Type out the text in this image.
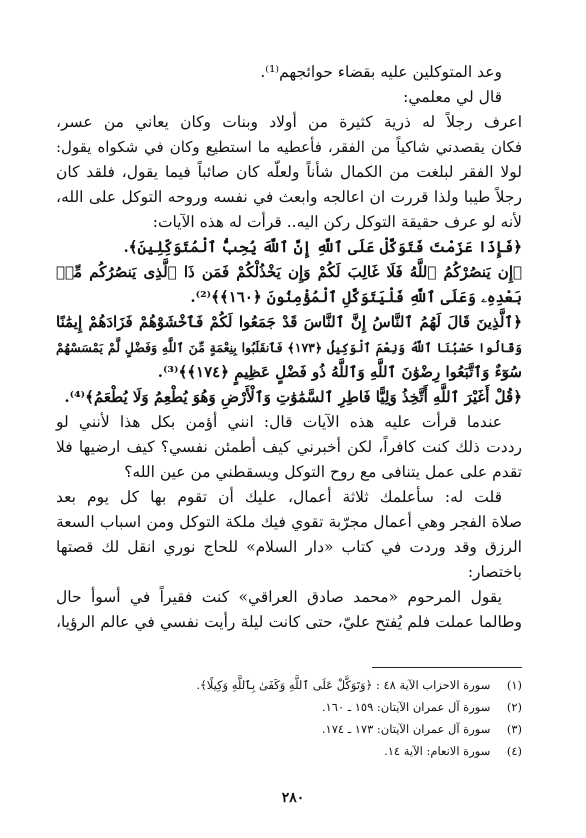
وعد المتوكلين عليه بقضاء حوائجهم⁽¹⁾.
قال لي معلمي:
اعرف رجلاً له ذرية كثيرة من أولاد وبنات وكان يعاني من عسر،
فكان يقصدني شاكياً من الفقر، فأعطيه ما استطيع وكان في شكواه يقول:
لولا الفقر لبلغت من الكمال شأناً ولعلّه كان صائباً فيما يقول، فلقد كان
رجلاً طيبا ولذا قررت ان اعالجه وابعث في نفسه وروحه التوكل على الله،
لأنه لو عرف حقيقة التوكل ركن اليه.. قرأت له هذه الآيات:
﴿فَإِذَا عَزَمْتَ فَتَوَكَّلْ عَلَى ٱللَّهِ إِنَّ ٱللَّهَ يُحِبُّ ٱلْمُتَوَكِّلِينَ﴾.
﴿إِن يَنصُرْكُمُ ٱللَّهُ فَلَا غَالِبَ لَكُمْ وَإِن يَخْذُلْكُمْ فَمَن ذَا ٱلَّذِى يَنصُرُكُم مِّنۢ
بَعْدِهِۦ وَعَلَى ٱللَّهِ فَلْيَتَوَكَّلِ ٱلْمُؤْمِنُونَ ﴿١٦٠﴾﴾⁽²⁾.
﴿ٱلَّذِينَ قَالَ لَهُمُ ٱلنَّاسُ إِنَّ ٱلنَّاسَ قَدْ جَمَعُوا لَكُمْ فَٱخْشَوْهُمْ فَزَادَهُمْ إِيمَٰنًا
وَقَالُوا حَسْبُنَا ٱللَّهُ وَنِعْمَ ٱلْوَكِيلُ ﴿١٧٣﴾ فَٱنقَلَبُوا بِنِعْمَةٍ مِّنَ ٱللَّهِ وَفَضْلٍ لَّمْ يَمْسَسْهُمْ
سُوٓءٌ وَٱتَّبَعُوا رِضْوَٰنَ ٱللَّهِ وَٱللَّهُ ذُو فَضْلٍ عَظِيمٍ ﴿١٧٤﴾﴾⁽³⁾.
﴿قُلْ أَغَيْرَ ٱللَّهِ أَتَّخِذُ وَلِيًّا فَاطِرِ ٱلسَّمَٰوَٰتِ وَٱلْأَرْضِ وَهُوَ يُطْعِمُ وَلَا يُطْعَمُ﴾⁽⁴⁾.
عندما قرأت عليه هذه الآيات قال: انني أؤمن بكل هذا لأنني لو
رددت ذلك كنت كافراً، لكن أخبرني كيف أطمئن نفسي؟ كيف ارضيها فلا
تقدم على عمل يتنافى مع روح التوكل ويسقطني من عين الله؟
قلت له: سأعلمك ثلاثة أعمال، عليك أن تقوم بها كل يوم بعد
صلاة الفجر وهي أعمال مجرّبة تقوي فيك ملكة التوكل ومن اسباب السعة
الرزق وقد وردت في كتاب «دار السلام» للحاج نوري انقل لك قصتها
باختصار:
يقول المرحوم «محمد صادق العراقي» كنت فقيراً في أسوأ حال
وطالما عملت فلم يُفتح عليّ، حتى كانت ليلة رأيت نفسي في عالم الرؤيا،
(١) سورة الاحزاب الآية ٤٨ : ﴿وَتَوَكَّلْ عَلَى ٱللَّهِ وَكَفَىٰ بِٱللَّهِ وَكِيلًا﴾.
(٢) سورة آل عمران الآيتان: ١٥٩ ـ ١٦٠.
(٣) سورة آل عمران الآيتان: ١٧٣ ـ ١٧٤.
(٤) سورة الانعام: الآية ١٤.
٢٨٠
